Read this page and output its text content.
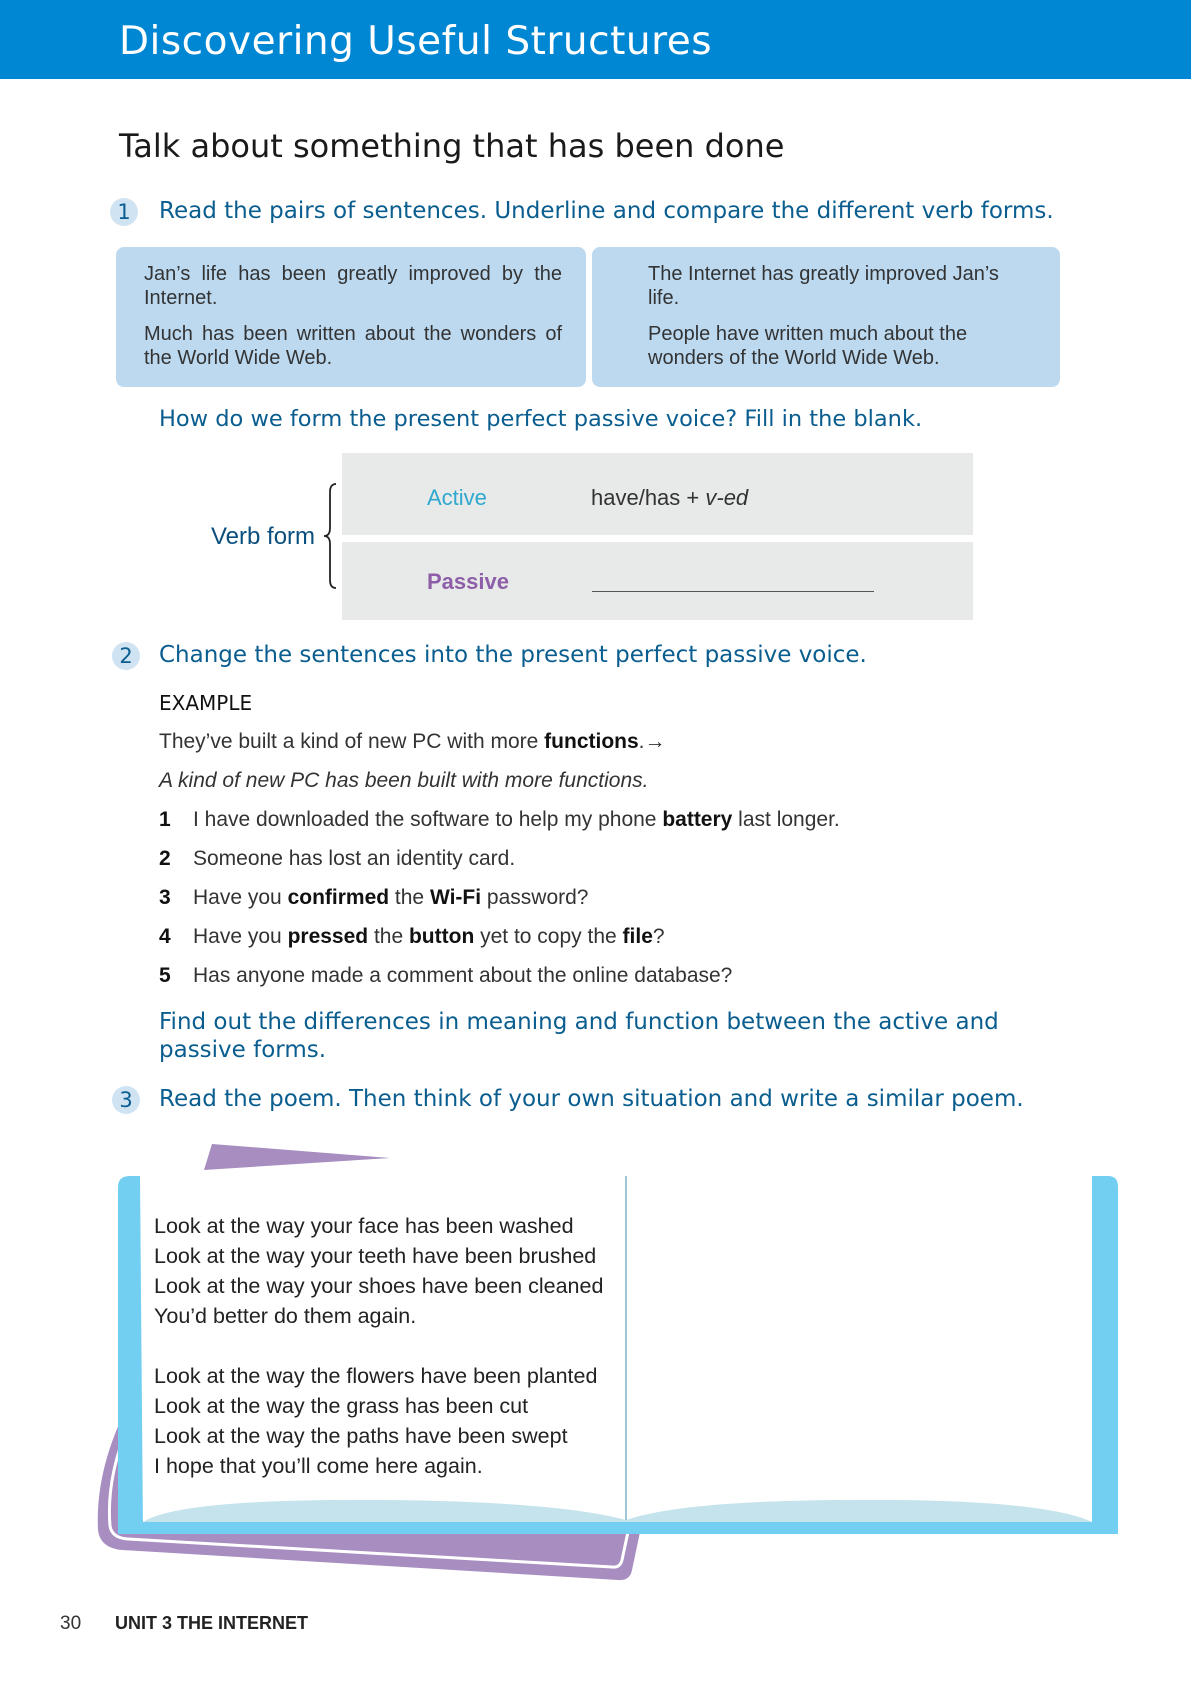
Discovering Useful Structures
Talk about something that has been done
1	Read the pairs of sentences. Underline and compare the different verb forms.

Jan’s life has been greatly improved by the Internet.

Much has been written about the wonders of the World Wide Web.

The Internet has greatly improved Jan’s life.

People have written much about the wonders of the World Wide Web.

How do we form the present perfect passive voice? Fill in the blank.

Verb form
Active	have/has + v-ed
Passive
2	Change the sentences into the present perfect passive voice.

EXAMPLE
They’ve built a kind of new PC with more functions.→
A kind of new PC has been built with more functions.
1 I have downloaded the software to help my phone battery last longer.
2 Someone has lost an identity card.
3 Have you confirmed the Wi-Fi password?
4 Have you pressed the button yet to copy the file?
5 Has anyone made a comment about the online database?

Find out the differences in meaning and function between the active and passive forms.

3	Read the poem. Then think of your own situation and write a similar poem.

Look at the way your face has been washed
Look at the way your teeth have been brushed
Look at the way your shoes have been cleaned
You’d better do them again.
Look at the way the flowers have been planted
Look at the way the grass has been cut
Look at the way the paths have been swept
I hope that you’ll come here again.
30 UNIT 3 THE INTERNET
